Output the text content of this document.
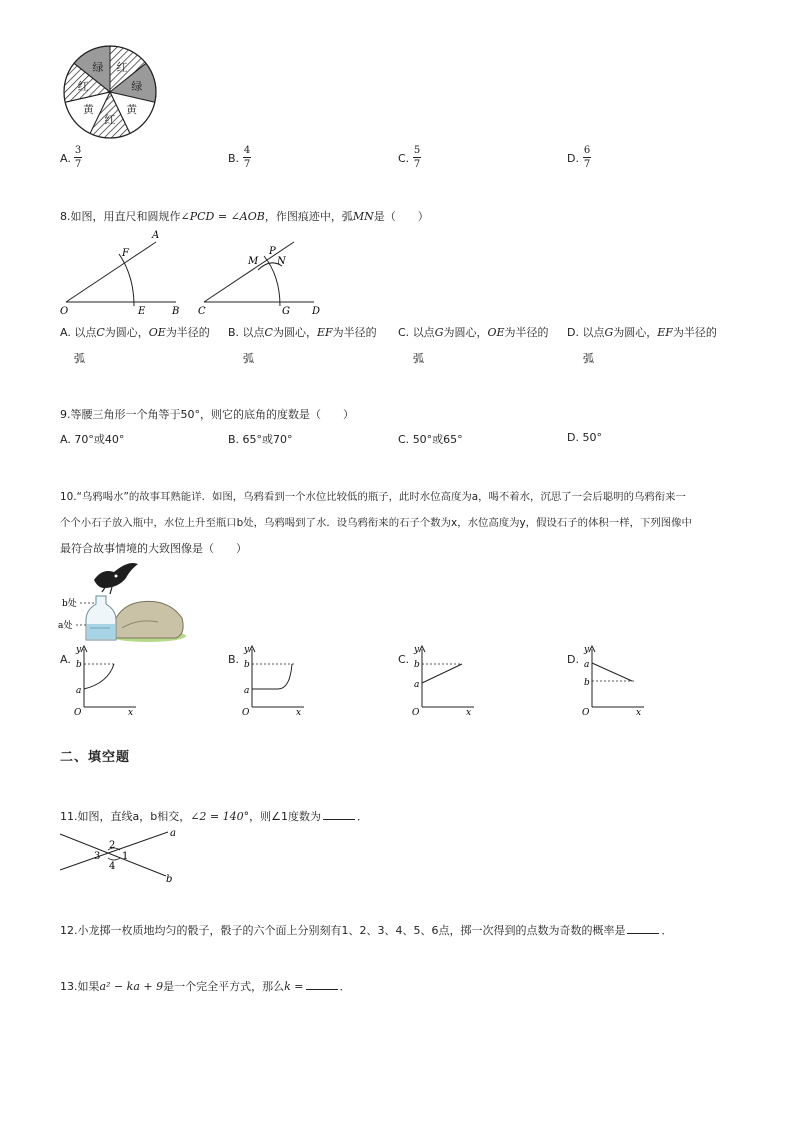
绿 红
绿
黄
红
黄
红
A.
3
7	B.
4
7	C.
5
7	D.
6
7
8.如图，用直尺和圆规作∠PCD = ∠AOB，作图痕迹中，弧MN是（　　）
A
F
O	E	B
P
M N
C	G D
A. 以点C为圆心，OE为半径的
弧
B. 以点C为圆心，EF为半径的
弧
C. 以点G为圆心，OE为半径的
弧
D. 以点G为圆心，EF为半径的
弧
9.等腰三角形一个角等于50°，则它的底角的度数是（　　）
A. 70°或40°	B. 65°或70°	C. 50°或65°	D. 50°
10.“乌鸦喝水”的故事耳熟能详．如图，乌鸦看到一个水位比较低的瓶子，此时水位高度为a，喝不着水，沉思了一会后聪明的乌鸦衔来一
个个小石子放入瓶中，水位上升至瓶口b处，乌鸦喝到了水．设乌鸦衔来的石子个数为x，水位高度为y，假设石子的体积一样，下列图像中
最符合故事情境的大致图像是（　　）
b处
a处
A.	B.	C.	D.
y
x
O
b
a
y
x
O
b
a
y
x
O
b
a
y
x
O
a
b
二、填空题
11.如图，直线a，b相交，∠2 = 140°，则∠1度数为	．
a
b
2
1
3
4
12.小龙掷一枚质地均匀的骰子，骰子的六个面上分别刻有1、2、3、4、5、6点，掷一次得到的点数为奇数的概率是	．
13.如果a² − ka + 9是一个完全平方式，那么k =	．
